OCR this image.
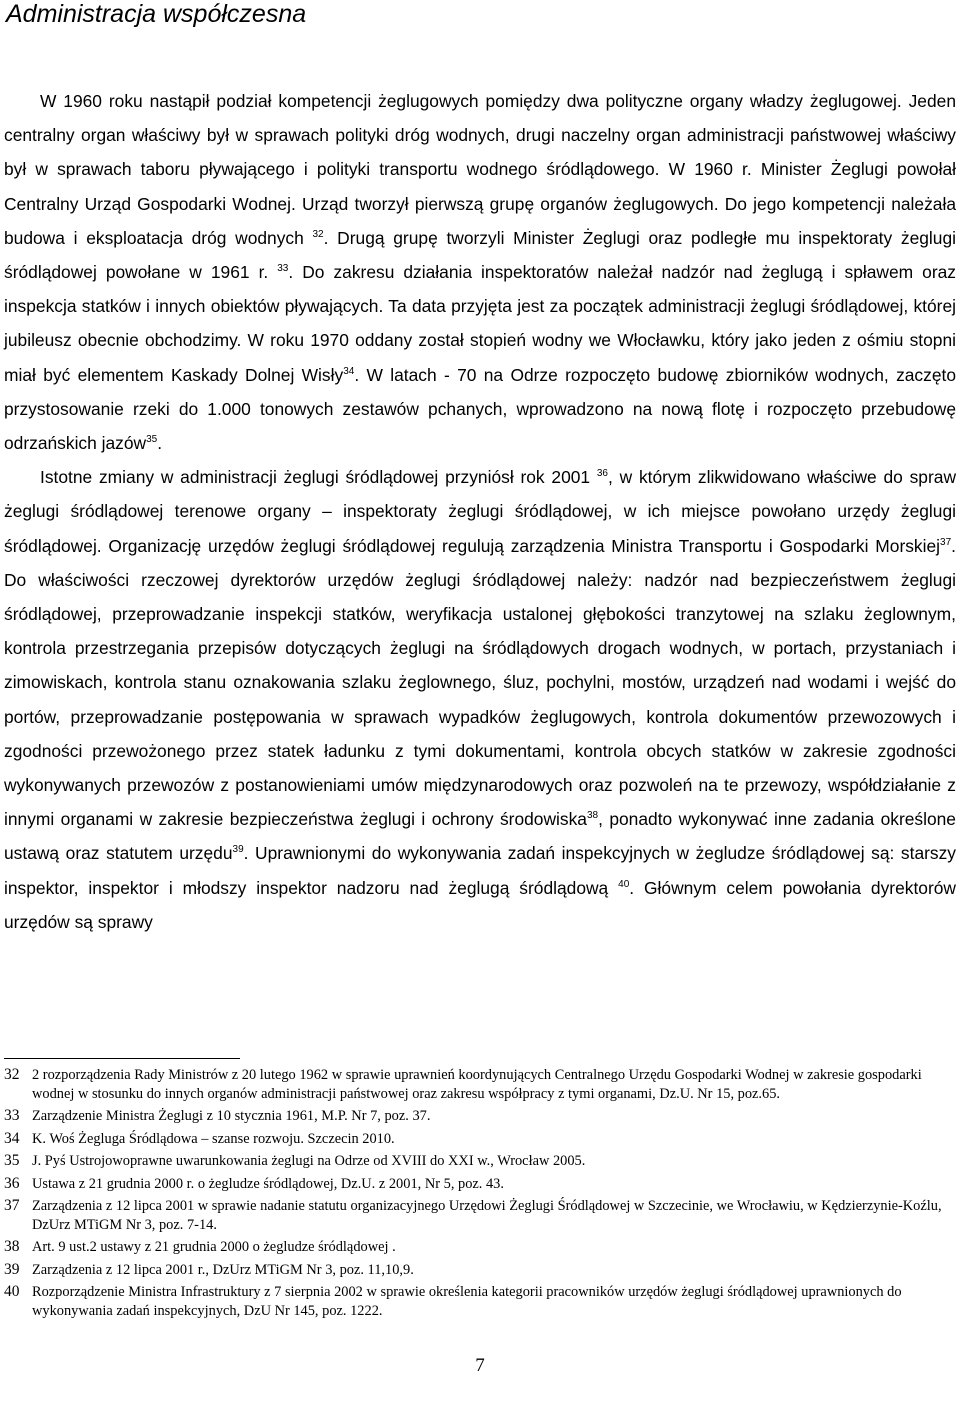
Administracja współczesna

W 1960 roku nastąpił podział kompetencji żeglugowych pomiędzy dwa polityczne organy władzy żeglugowej. Jeden centralny organ właściwy był w sprawach polityki dróg wodnych, drugi naczelny organ administracji państwowej właściwy był w sprawach taboru pływającego i polityki transportu wodnego śródlądowego. W 1960 r. Minister Żeglugi powołał Centralny Urząd Gospodarki Wodnej. Urząd tworzył pierwszą grupę organów żeglugowych. Do jego kompetencji należała budowa i eksploatacja dróg wodnych $^{32}$. Drugą grupę tworzyli Minister Żeglugi oraz podległe mu inspektoraty żeglugi śródlądowej powołane w 1961 r. $^{33}$. Do zakresu działania inspektoratów należał nadzór nad żeglugą i spławem oraz inspekcja statków i innych obiektów pływających. Ta data przyjęta jest za początek administracji żeglugi śródlądowej, której jubileusz obecnie obchodzimy. W roku 1970 oddany został stopień wodny we Włocławku, który jako jeden z ośmiu stopni miał być elementem Kaskady Dolnej Wisły$^{34}$. W latach - 70 na Odrze rozpoczęto budowę zbiorników wodnych, zaczęto przystosowanie rzeki do 1.000 tonowych zestawów pchanych, wprowadzono na nową flotę i rozpoczęto przebudowę odrzańskich jazów$^{35}$.

Istotne zmiany w administracji żeglugi śródlądowej przyniósł rok 2001 $^{36}$, w którym zlikwidowano właściwe do spraw żeglugi śródlądowej terenowe organy – inspektoraty żeglugi śródlądowej, w ich miejsce powołano urzędy żeglugi śródlądowej. Organizację urzędów żeglugi śródlądowej regulują zarządzenia Ministra Transportu i Gospodarki Morskiej$^{37}$. Do właściwości rzeczowej dyrektorów urzędów żeglugi śródlądowej należy: nadzór nad bezpieczeństwem żeglugi śródlądowej, przeprowadzanie inspekcji statków, weryfikacja ustalonej głębokości tranzytowej na szlaku żeglownym, kontrola przestrzegania przepisów dotyczących żeglugi na śródlądowych drogach wodnych, w portach, przystaniach i zimowiskach, kontrola stanu oznakowania szlaku żeglownego, śluz, pochylni, mostów, urządzeń nad wodami i wejść do portów, przeprowadzanie postępowania w sprawach wypadków żeglugowych, kontrola dokumentów przewozowych i zgodności przewożonego przez statek ładunku z tymi dokumentami, kontrola obcych statków w zakresie zgodności wykonywanych przewozów z postanowieniami umów międzynarodowych oraz pozwoleń na te przewozy, współdziałanie z innymi organami w zakresie bezpieczeństwa żeglugi i ochrony środowiska$^{38}$, ponadto wykonywać inne zadania określone ustawą oraz statutem urzędu$^{39}$. Uprawnionymi do wykonywania zadań inspekcyjnych w żegludze śródlądowej są: starszy inspektor, inspektor i młodszy inspektor nadzoru nad żeglugą śródlądową $^{40}$. Głównym celem powołania dyrektorów urzędów są sprawy

32 2 rozporządzenia Rady Ministrów z 20 lutego 1962 w sprawie uprawnień koordynujących Centralnego Urzędu Gospodarki Wodnej w zakresie gospodarki wodnej w stosunku do innych organów administracji państwowej oraz zakresu współpracy z tymi organami, Dz.U. Nr 15, poz.65.
33 Zarządzenie Ministra Żeglugi z 10 stycznia 1961, M.P. Nr 7, poz. 37.
34 K. Woś Żegluga Śródlądowa – szanse rozwoju. Szczecin 2010.
35 J. Pyś Ustrojowoprawne uwarunkowania żeglugi na Odrze od XVIII do XXI w., Wrocław 2005.
36 Ustawa z 21 grudnia 2000 r. o żegludze śródlądowej, Dz.U. z 2001, Nr 5, poz. 43.
37 Zarządzenia z 12 lipca 2001 w sprawie nadanie statutu organizacyjnego Urzędowi Żeglugi Śródlądowej w Szczecinie, we Wrocławiu, w Kędzierzynie-Koźlu, DzUrz MTiGM Nr 3, poz. 7-14.
38 Art. 9 ust.2 ustawy z 21 grudnia 2000 o żegludze śródlądowej .
39 Zarządzenia z 12 lipca 2001 r., DzUrz MTiGM Nr 3, poz. 11,10,9.
40 Rozporządzenie Ministra Infrastruktury z 7 sierpnia 2002 w sprawie określenia kategorii pracowników urzędów żeglugi śródlądowej uprawnionych do wykonywania zadań inspekcyjnych, DzU Nr 145, poz. 1222.
7
